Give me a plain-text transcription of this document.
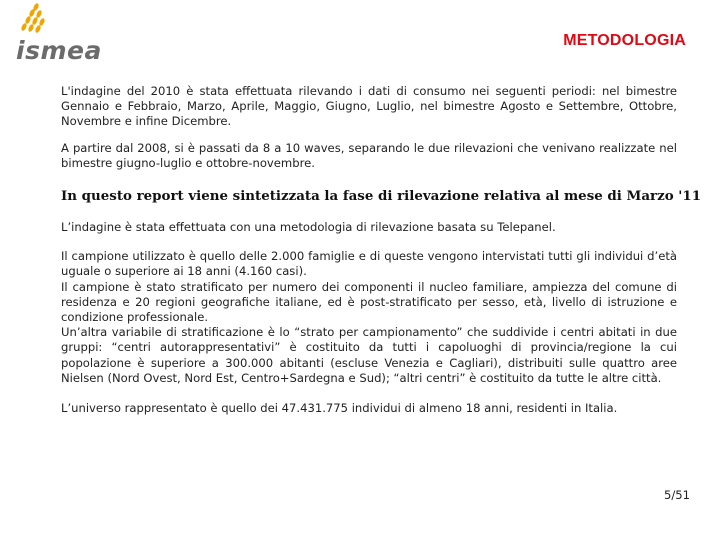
ismea	METODOLOGIA

L'indagine del 2010 è stata effettuata rilevando i dati di consumo nei seguenti periodi: nel bimestre Gennaio e Febbraio, Marzo, Aprile, Maggio, Giugno, Luglio, nel bimestre Agosto e Settembre, Ottobre, Novembre e infine Dicembre.

A partire dal 2008, si è passati da 8 a 10 waves, separando le due rilevazioni che venivano realizzate nel bimestre giugno-luglio e ottobre-novembre.

In questo report viene sintetizzata la fase di rilevazione relativa al mese di Marzo '11

L’indagine è stata effettuata con una metodologia di rilevazione basata su Telepanel.

Il campione utilizzato è quello delle 2.000 famiglie e di queste vengono intervistati tutti gli individui d’età uguale o superiore ai 18 anni (4.160 casi).

Il campione è stato stratificato per numero dei componenti il nucleo familiare, ampiezza del comune di residenza e 20 regioni geografiche italiane, ed è post-stratificato per sesso, età, livello di istruzione e condizione professionale.

Un’altra variabile di stratificazione è lo “strato per campionamento” che suddivide i centri abitati in due gruppi: “centri autorappresentativi” è costituito da tutti i capoluoghi di provincia/regione la cui popolazione è superiore a 300.000 abitanti (escluse Venezia e Cagliari), distribuiti sulle quattro aree Nielsen (Nord Ovest, Nord Est, Centro+Sardegna e Sud); “altri centri” è costituito da tutte le altre città.

L’universo rappresentato è quello dei 47.431.775 individui di almeno 18 anni, residenti in Italia.

5/51
